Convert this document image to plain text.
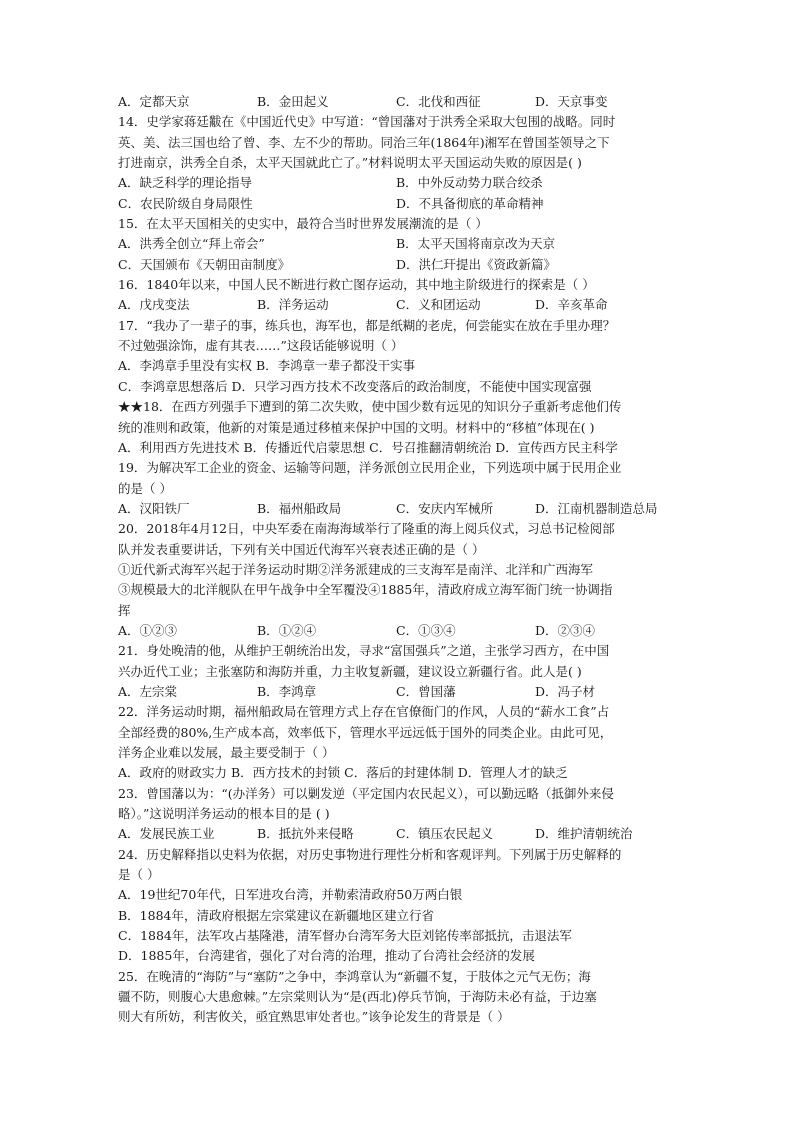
A．定都天京	B．金田起义	C．北伐和西征	D．天京事变
14．史学家蒋廷黻在《中国近代史》中写道：“曾国藩对于洪秀全采取大包围的战略。同时
英、美、法三国也给了曾、李、左不少的帮助。同治三年(1864年)湘军在曾国荃领导之下
打进南京，洪秀全自杀，太平天国就此亡了。”材料说明太平天国运动失败的原因是( )
A．缺乏科学的理论指导	B．中外反动势力联合绞杀
C．农民阶级自身局限性	D．不具备彻底的革命精神
15．在太平天国相关的史实中，最符合当时世界发展潮流的是（ ）
A．洪秀全创立“拜上帝会”	B．太平天国将南京改为天京
C．天国颁布《天朝田亩制度》	D．洪仁玕提出《资政新篇》
16．1840年以来，中国人民不断进行救亡图存运动，其中地主阶级进行的探索是（ ）
A．戊戌变法	B．洋务运动	C．义和团运动	D．辛亥革命
17．“我办了一辈子的事，练兵也，海军也，都是纸糊的老虎，何尝能实在放在手里办理？
不过勉强涂饰，虚有其表……”这段话能够说明（ ）
A．李鸿章手里没有实权 B．李鸿章一辈子都没干实事
C．李鸿章思想落后 D．只学习西方技术不改变落后的政治制度，不能使中国实现富强
★★18．在西方列强手下遭到的第二次失败，使中国少数有远见的知识分子重新考虑他们传
统的准则和政策，他新的对策是通过移植来保护中国的文明。材料中的“移植”体现在( )
A．利用西方先进技术 B．传播近代启蒙思想 C．号召推翻清朝统治 D．宣传西方民主科学
19．为解决军工企业的资金、运输等问题，洋务派创立民用企业，下列选项中属于民用企业
的是（ ）
A．汉阳铁厂	B．福州船政局	C．安庆内军械所	D．江南机器制造总局
20．2018年4月12日，中央军委在南海海域举行了隆重的海上阅兵仪式，习总书记检阅部
队并发表重要讲话，下列有关中国近代海军兴衰表述正确的是（ ）
①近代新式海军兴起于洋务运动时期②洋务派建成的三支海军是南洋、北洋和广西海军
③规模最大的北洋舰队在甲午战争中全军覆没④1885年，清政府成立海军衙门统一协调指
挥
A．①②③	B．①②④	C．①③④	D．②③④
21．身处晚清的他，从维护王朝统治出发，寻求“富国强兵”之道，主张学习西方，在中国
兴办近代工业；主张塞防和海防并重，力主收复新疆，建议设立新疆行省。此人是( )
A．左宗棠	B．李鸿章	C．曾国藩	D．冯子材
22．洋务运动时期，福州船政局在管理方式上存在官僚衙门的作风，人员的“薪水工食”占
全部经费的80%,生产成本高，效率低下，管理水平远远低于国外的同类企业。由此可见，
洋务企业难以发展，最主要受制于（ ）
A．政府的财政实力 B．西方技术的封锁 C．落后的封建体制 D．管理人才的缺乏
23．曾国藩以为：“(办洋务）可以剿发逆（平定国内农民起义），可以勤远略（抵御外来侵
略）。”这说明洋务运动的根本目的是 ( )
A．发展民族工业	B．抵抗外来侵略	C．镇压农民起义	D．维护清朝统治
24．历史解释指以史料为依据，对历史事物进行理性分析和客观评判。下列属于历史解释的
是（ ）
A．19世纪70年代，日军进攻台湾，并勒索清政府50万两白银
B．1884年，清政府根据左宗棠建议在新疆地区建立行省
C．1884年，法军攻占基隆港，清军督办台湾军务大臣刘铭传率部抵抗，击退法军
D．1885年，台湾建省，强化了对台湾的治理，推动了台湾社会经济的发展
25．在晚清的“海防”与“塞防”之争中，李鸿章认为“新疆不复，于肢体之元气无伤；海
疆不防，则腹心大患愈棘。”左宗棠则认为“是(西北)停兵节饷，于海防未必有益，于边塞
则大有所妨，利害攸关，亟宜熟思审处者也。”该争论发生的背景是（ ）
